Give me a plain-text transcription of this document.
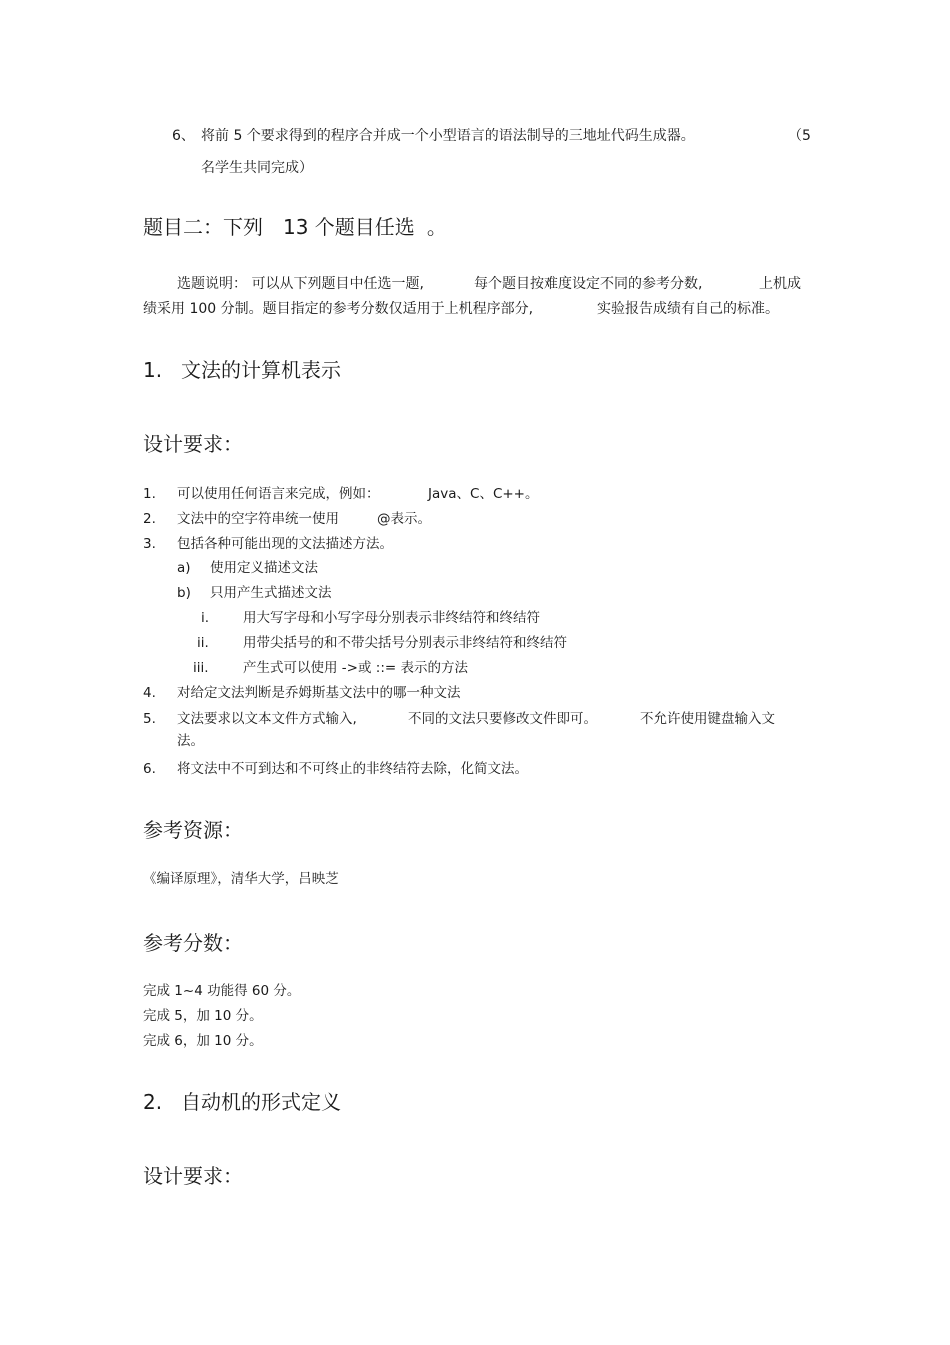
6、 将前 5 个要求得到的程序合并成一个小型语言的语法制导的三地址代码生成器。	（5
名学生共同完成）
题目二：下列 13 个题目任选 。
选题说明： 可以从下列题目中任选一题,	每个题目按难度设定不同的参考分数,	上机成
绩采用 100 分制。题目指定的参考分数仅适用于上机程序部分,	实验报告成绩有自己的标准。
1. 文法的计算机表示
设计要求：
1. 可以使用任何语言来完成，例如：	Java、C、C++。
2. 文法中的空字符串统一使用	@表示。
3. 包括各种可能出现的文法描述方法。
a) 使用定义描述文法
b) 只用产生式描述文法
i.	用大写字母和小写字母分别表示非终结符和终结符
ii.	用带尖括号的和不带尖括号分别表示非终结符和终结符
iii.	产生式可以使用 ->或 ::= 表示的方法
4. 对给定文法判断是乔姆斯基文法中的哪一种文法
5. 文法要求以文本文件方式输入,	不同的文法只要修改文件即可。	不允许使用键盘输入文
法。
6. 将文法中不可到达和不可终止的非终结符去除，化简文法。
参考资源：
《编译原理》，清华大学，吕映芝
参考分数：
完成 1~4 功能得 60 分。
完成 5，加 10 分。
完成 6，加 10 分。
2. 自动机的形式定义
设计要求：
